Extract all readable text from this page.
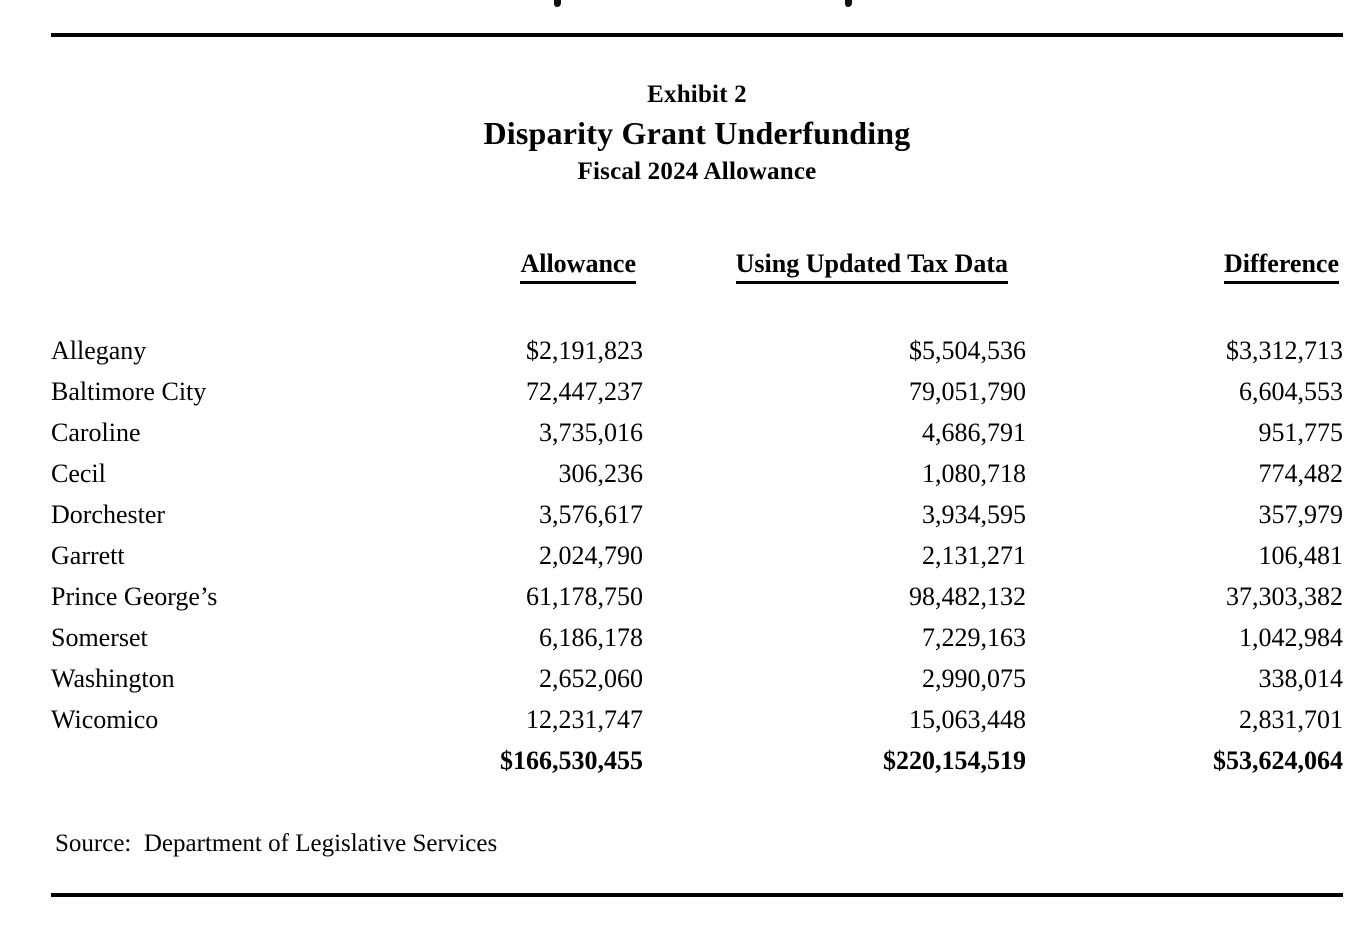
Exhibit 2
Disparity Grant Underfunding
Fiscal 2024 Allowance
	Allowance	Using Updated Tax Data	Difference
Allegany	$2,191,823	$5,504,536	$3,312,713
Baltimore City	72,447,237	79,051,790	6,604,553
Caroline	3,735,016	4,686,791	951,775
Cecil	306,236	1,080,718	774,482
Dorchester	3,576,617	3,934,595	357,979
Garrett	2,024,790	2,131,271	106,481
Prince George’s	61,178,750	98,482,132	37,303,382
Somerset	6,186,178	7,229,163	1,042,984
Washington	2,652,060	2,990,075	338,014
Wicomico	12,231,747	15,063,448	2,831,701
	$166,530,455	$220,154,519	$53,624,064
Source:  Department of Legislative Services
